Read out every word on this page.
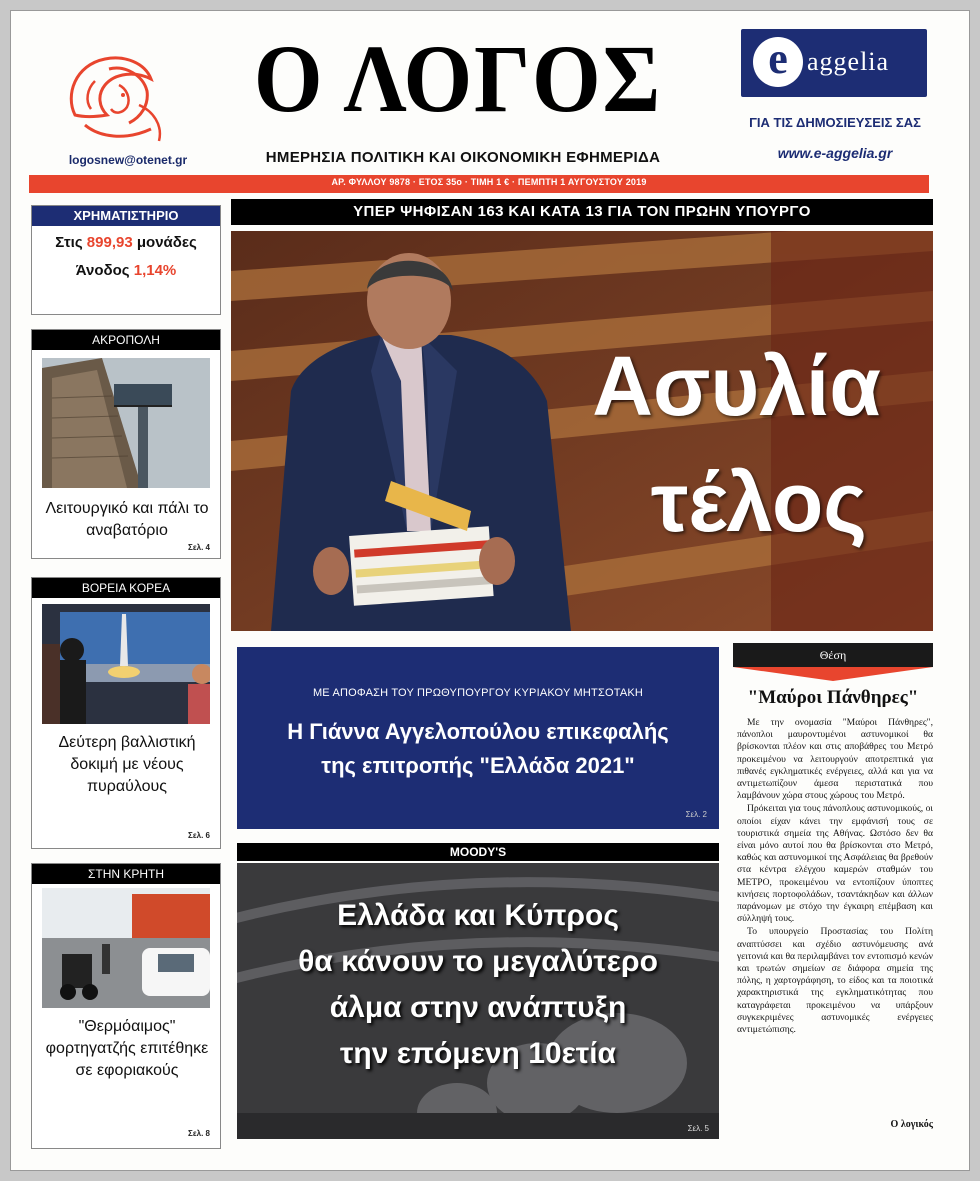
logosnew@otenet.gr
Ο ΛΟΓΟΣ
ΗΜΕΡΗΣΙΑ ΠΟΛΙΤΙΚΗ ΚΑΙ ΟΙΚΟΝΟΜΙΚΗ ΕΦΗΜΕΡΙΔΑ
e aggelia
ΓΙΑ ΤΙΣ ΔΗΜΟΣΙΕΥΣΕΙΣ ΣΑΣ
www.e-aggelia.gr
ΑΡ. ΦΥΛΛΟΥ 9878 · ΕΤΟΣ 35ο · ΤΙΜΗ 1 € · ΠΕΜΠΤΗ 1 ΑΥΓΟΥΣΤΟΥ 2019
ΧΡΗΜΑΤΙΣΤΗΡΙΟ
Στις 899,93 μονάδες
Άνοδος 1,14%
ΑΚΡΟΠΟΛΗ
Λειτουργικό και πάλι το αναβατόριο
Σελ. 4
ΒΟΡΕΙΑ ΚΟΡΕΑ
Δεύτερη βαλλιστική δοκιμή με νέους πυραύλους
Σελ. 6
ΣΤΗΝ ΚΡΗΤΗ
"Θερμόαιμος" φορτηγατζής επιτέθηκε σε εφοριακούς
Σελ. 8
ΥΠΕΡ ΨΗΦΙΣΑΝ 163 ΚΑΙ ΚΑΤΑ 13 ΓΙΑ ΤΟΝ ΠΡΩΗΝ ΥΠΟΥΡΓΟ
Ασυλία
τέλος
ΜΕ ΑΠΟΦΑΣΗ ΤΟΥ ΠΡΩΘΥΠΟΥΡΓΟΥ ΚΥΡΙΑΚΟΥ ΜΗΤΣΟΤΑΚΗ
Η Γιάννα Αγγελοπούλου επικεφαλής
της επιτροπής "Ελλάδα 2021"
Σελ. 2
MOODY'S
Ελλάδα και Κύπρος
θα κάνουν το μεγαλύτερο
άλμα στην ανάπτυξη
την επόμενη 10ετία
Σελ. 5
Θέση
"Μαύροι Πάνθηρες"

Με την ονομασία "Μαύροι Πάνθηρες", πάνοπλοι μαυροντυμένοι αστυνομικοί θα βρίσκονται πλέον και στις αποβάθρες του Μετρό προκειμένου να λειτουργούν αποτρεπτικά για πιθανές εγκληματικές ενέργειες, αλλά και για να αντιμετωπίζουν άμεσα περιστατικά που λαμβάνουν χώρα στους χώρους του Μετρό.

Πρόκειται για τους πάνοπλους αστυνομικούς, οι οποίοι είχαν κάνει την εμφάνισή τους σε τουριστικά σημεία της Αθήνας. Ωστόσο δεν θα είναι μόνο αυτοί που θα βρίσκονται στο Μετρό, καθώς και αστυνομικοί της Ασφάλειας θα βρεθούν στα κέντρα ελέγχου καμερών σταθμών του ΜΕΤΡΟ, προκειμένου να εντοπίζουν ύποπτες κινήσεις πορτοφολάδων, τσαντάκηδων και άλλων παράνομων με στόχο την έγκαιρη επέμβαση και σύλληψή τους.

Το υπουργείο Προστασίας του Πολίτη αναπτύσσει και σχέδιο αστυνόμευσης ανά γειτονιά και θα περιλαμβάνει τον εντοπισμό κενών και τρωτών σημείων σε διάφορα σημεία της πόλης, η χαρτογράφηση, το είδος και τα ποιοτικά χαρακτηριστικά της εγκληματικότητας που καταγράφεται προκειμένου να υπάρξουν συγκεκριμένες αστυνομικές ενέργειες αντιμετώπισης.

Ο λογικός
